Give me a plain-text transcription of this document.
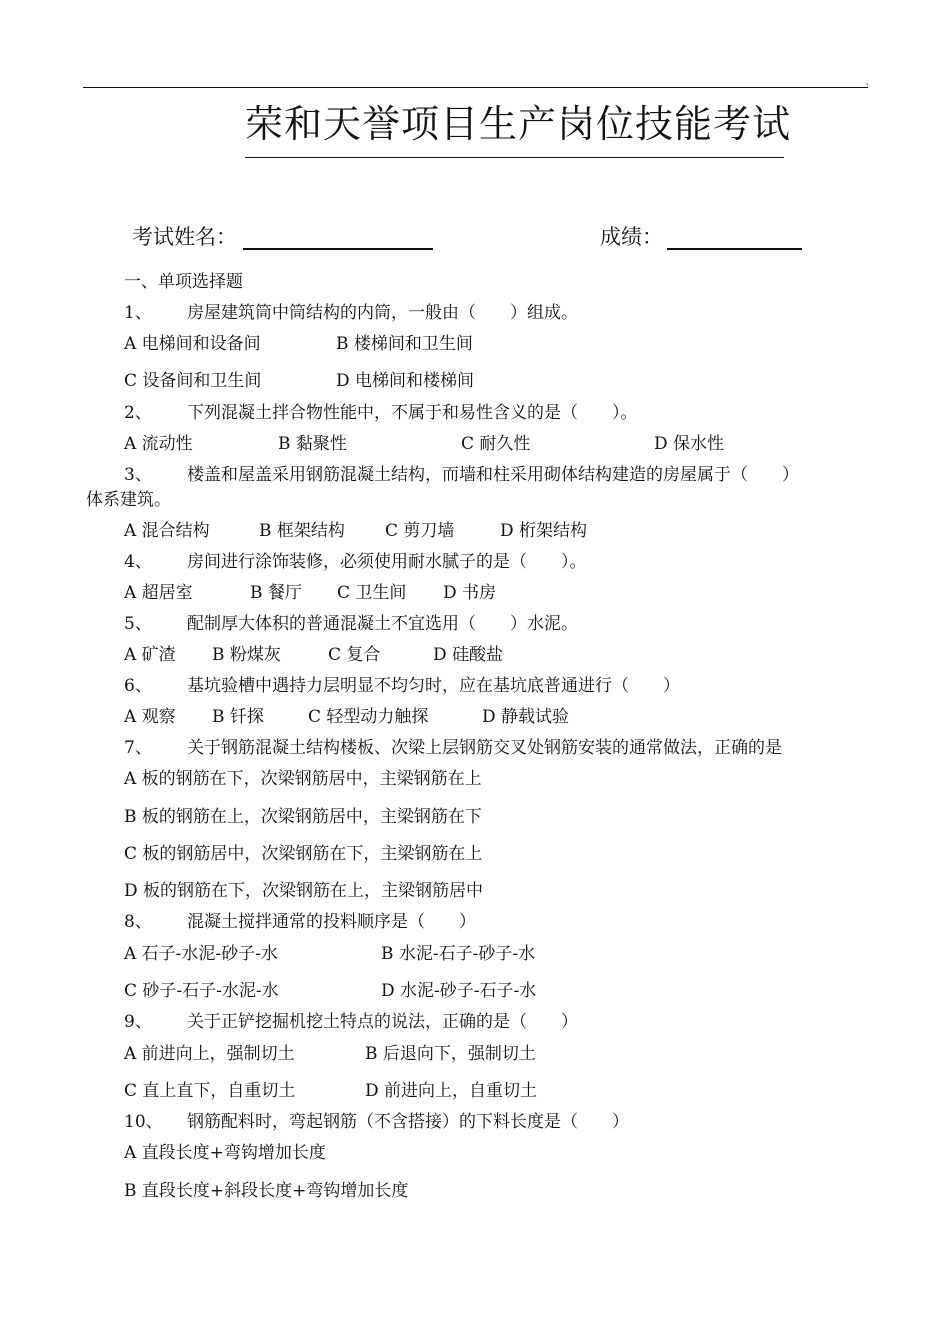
'
荣和天誉项目生产岗位技能考试
考试姓名：	成绩：
一、单项选择题
1、 房屋建筑筒中筒结构的内筒，一般由（　　）组成。
A 电梯间和设备间	B 楼梯间和卫生间
C 设备间和卫生间	D 电梯间和楼梯间
2、 下列混凝土拌合物性能中，不属于和易性含义的是（　　）。
A 流动性	B 黏聚性	C 耐久性	D 保水性
3、 楼盖和屋盖采用钢筋混凝土结构，而墙和柱采用砌体结构建造的房屋属于（　　）
体系建筑。
A 混合结构	B 框架结构 C 剪刀墙	D 桁架结构
4、 房间进行涂饰装修，必须使用耐水腻子的是（　　）。
A 超居室	B 餐厅 C 卫生间 D 书房
5、 配制厚大体积的普通混凝土不宜选用（　　）水泥。
A 矿渣 B 粉煤灰	C 复合	D 硅酸盐
6、 基坑验槽中遇持力层明显不均匀时，应在基坑底普通进行（　　）
A 观察 B 钎探	C 轻型动力触探	D 静载试验
7、 关于钢筋混凝土结构楼板、次梁上层钢筋交叉处钢筋安装的通常做法，正确的是
A 板的钢筋在下，次梁钢筋居中，主梁钢筋在上
B 板的钢筋在上，次梁钢筋居中，主梁钢筋在下
C 板的钢筋居中，次梁钢筋在下，主梁钢筋在上
D 板的钢筋在下，次梁钢筋在上，主梁钢筋居中
8、 混凝土搅拌通常的投料顺序是（　　）
A 石子-水泥-砂子-水	B 水泥-石子-砂子-水
C 砂子-石子-水泥-水	D 水泥-砂子-石子-水
9、 关于正铲挖掘机挖土特点的说法，正确的是（　　）
A 前进向上，强制切土	B 后退向下，强制切土
C 直上直下，自重切土	D 前进向上，自重切土
10、 钢筋配料时，弯起钢筋（不含搭接）的下料长度是（　　）
A 直段长度+弯钩增加长度
B 直段长度+斜段长度+弯钩增加长度
